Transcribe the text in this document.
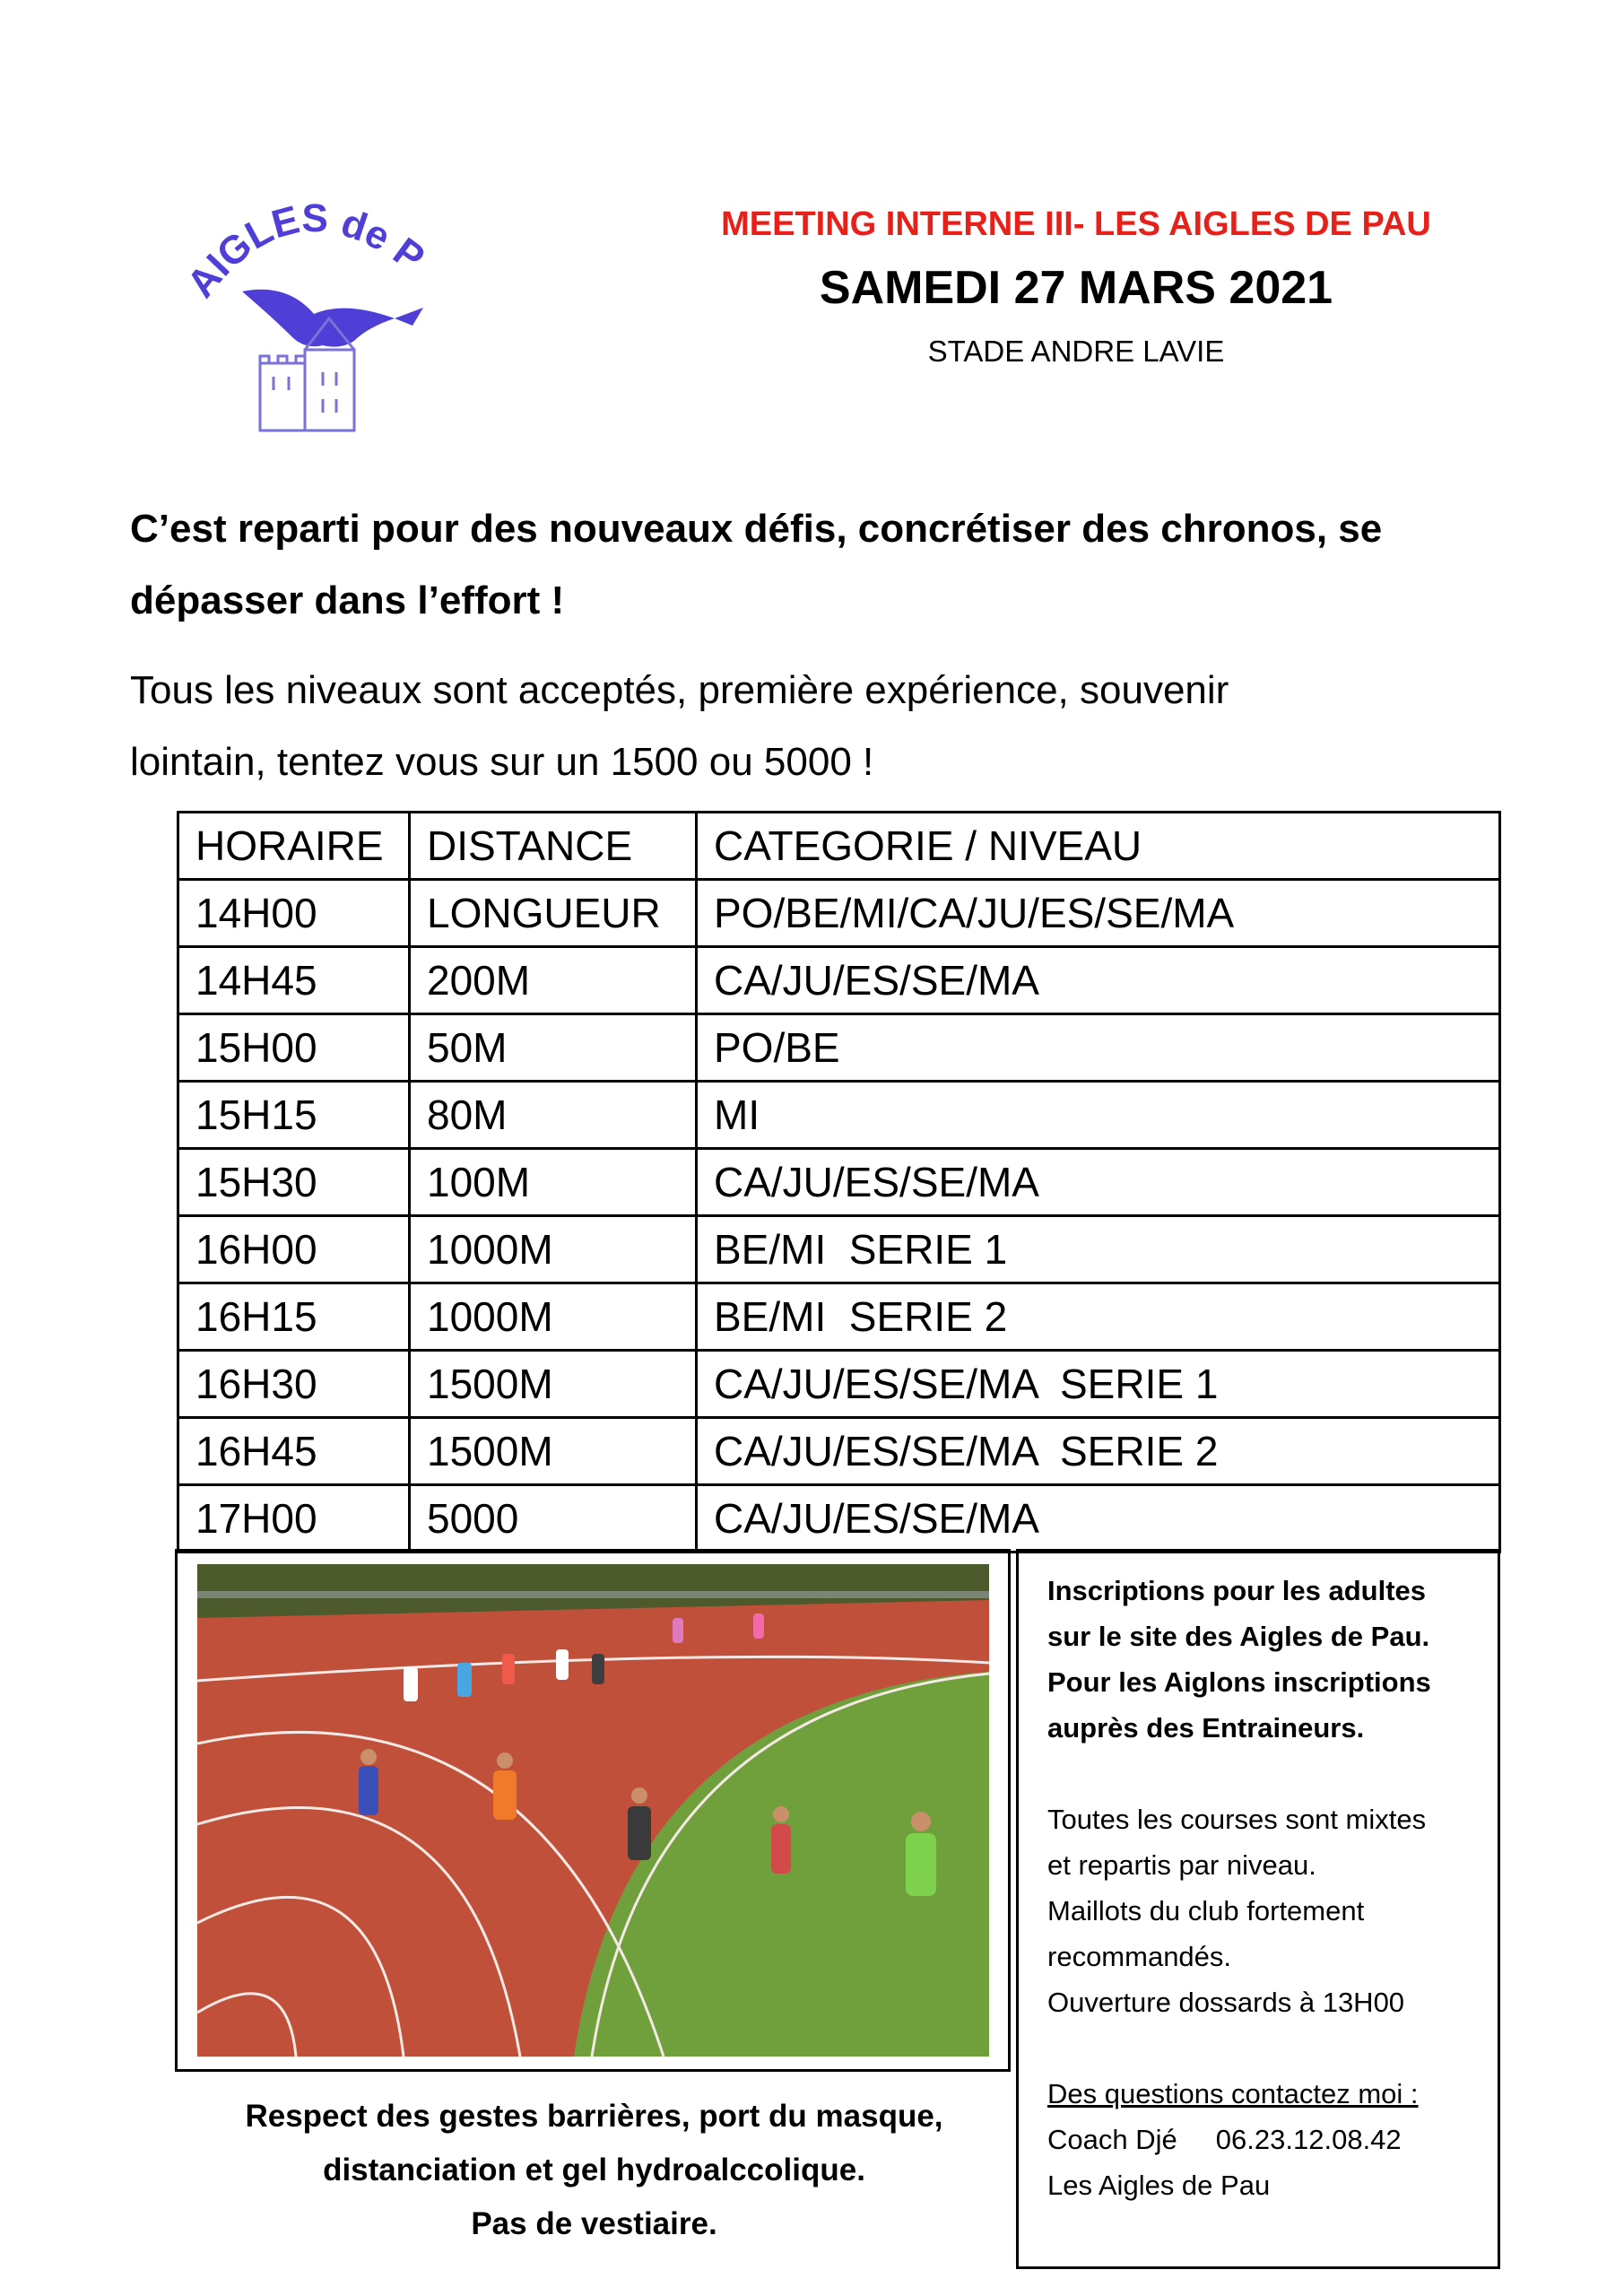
IGLES de P
MEETING INTERNE III- LES AIGLES DE PAU
SAMEDI 27 MARS 2021
STADE ANDRE LAVIE
C’est reparti pour des nouveaux défis, concrétiser des chronos, se
dépasser dans l’effort !
Tous les niveaux sont acceptés, première expérience, souvenir
lointain, tentez vous sur un 1500 ou 5000 !
HORAIRE	DISTANCE	CATEGORIE / NIVEAU
14H00	LONGUEUR	PO/BE/MI/CA/JU/ES/SE/MA
14H45	200M	CA/JU/ES/SE/MA
15H00	50M	PO/BE
15H15	80M	MI
15H30	100M	CA/JU/ES/SE/MA
16H00	1000M	BE/MI  SERIE 1
16H15	1000M	BE/MI  SERIE 2
16H30	1500M	CA/JU/ES/SE/MA  SERIE 1
16H45	1500M	CA/JU/ES/SE/MA  SERIE 2
17H00	5000	CA/JU/ES/SE/MA
Respect des gestes barrières, port du masque,
distanciation et gel hydroalccolique.
Pas de vestiaire.
Inscriptions pour les adultes
sur le site des Aigles de Pau.
Pour les Aiglons inscriptions
auprès des Entraineurs.
Toutes les courses sont mixtes
et repartis par niveau.
Maillots du club fortement
recommandés.
Ouverture dossards à 13H00
Des questions contactez moi :
Coach Djé     06.23.12.08.42
Les Aigles de Pau
